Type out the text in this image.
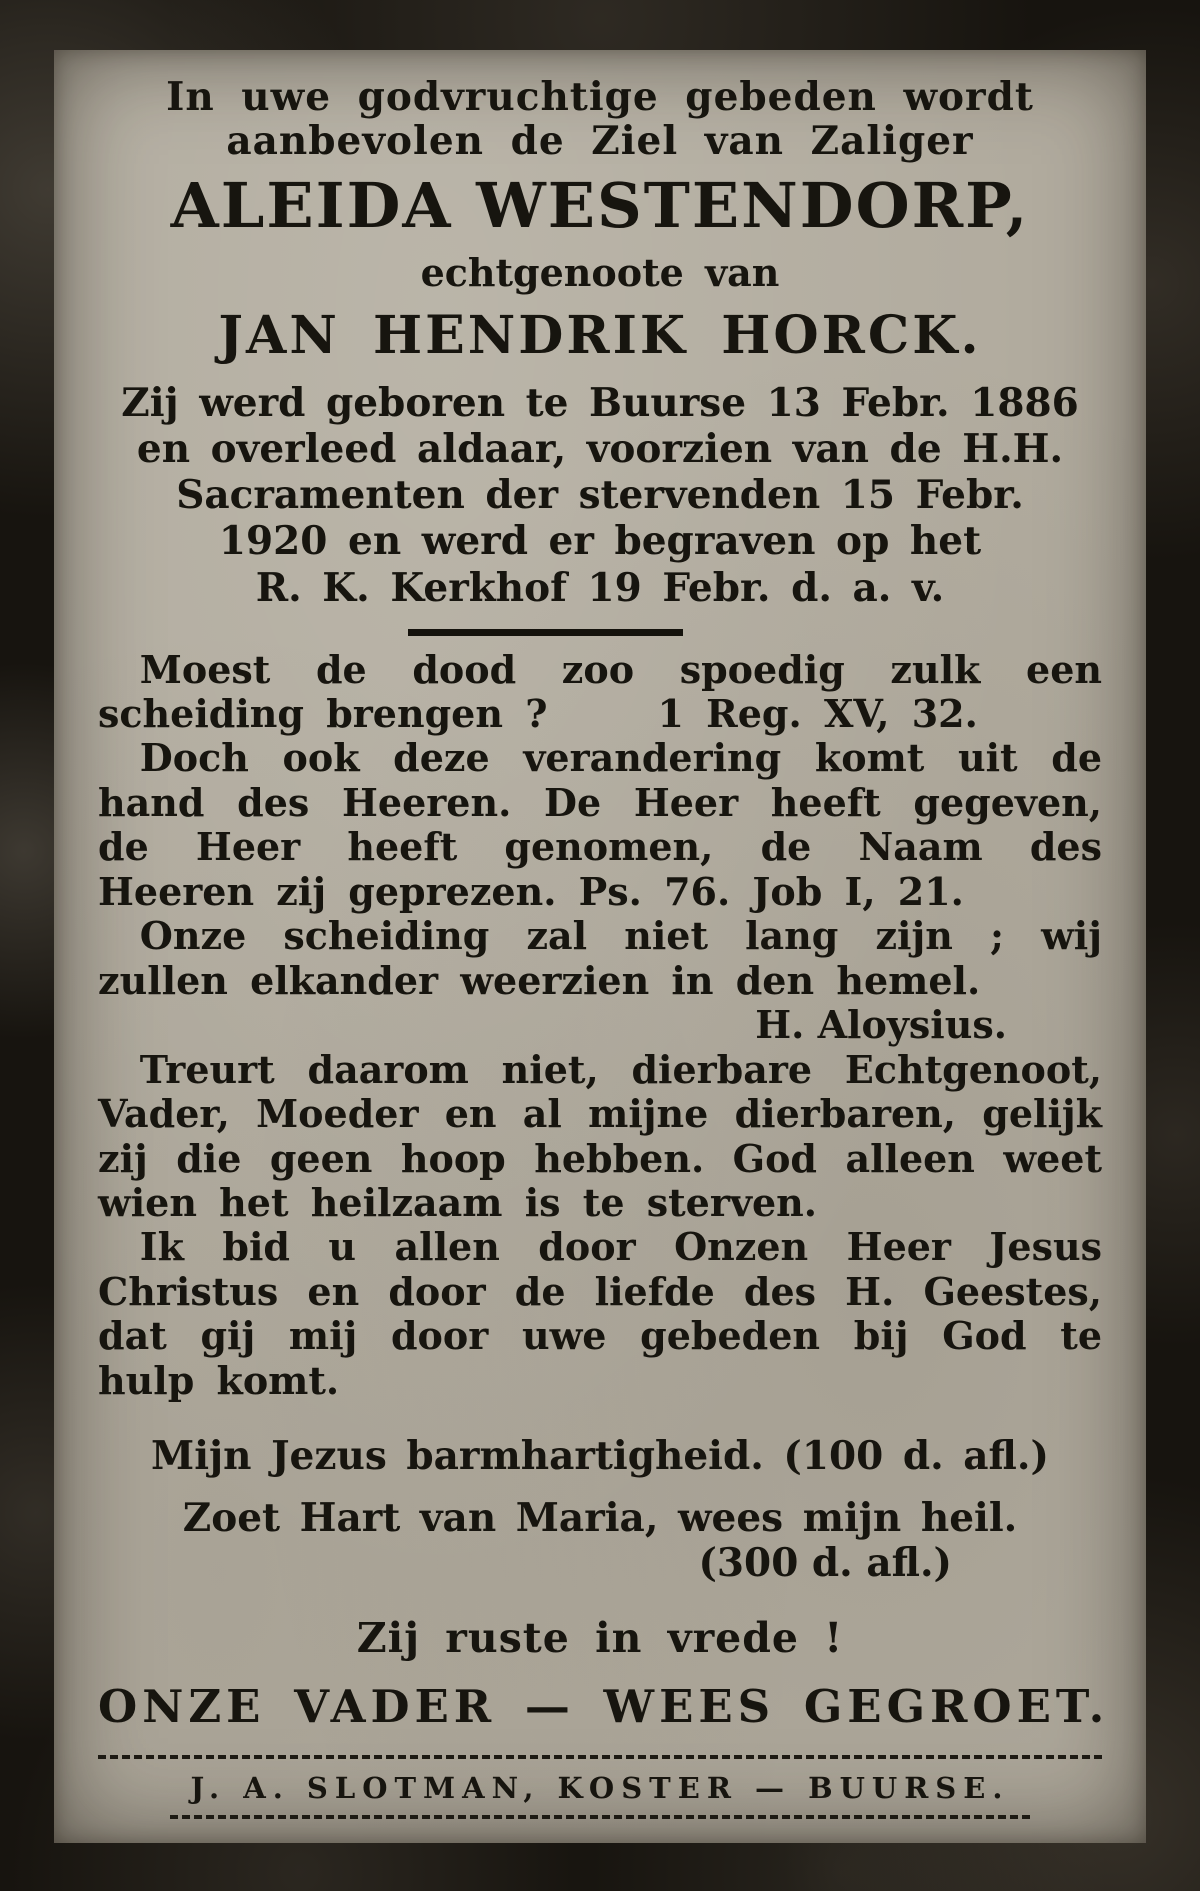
In uwe godvruchtige gebeden wordt
aanbevolen de Ziel van Zaliger
ALEIDA WESTENDORP,
echtgenoote van
JAN HENDRIK HORCK.
Zij werd geboren te Buurse 13 Febr. 1886
en overleed aldaar, voorzien van de H.H.
Sacramenten der stervenden 15 Febr.
1920 en werd er begraven op het
R. K. Kerkhof 19 Febr. d. a. v.

Moest de dood zoo spoedig zulk een scheiding brengen ?	1 Reg. XV, 32.

Doch ook deze verandering komt uit de hand des Heeren. De Heer heeft gegeven, de Heer heeft genomen, de Naam des Heeren zij geprezen. Ps. 76. Job I, 21.

Onze scheiding zal niet lang zijn ; wij zullen elkander weerzien in den hemel.

H. Aloysius.

Treurt daarom niet, dierbare Echtgenoot, Vader, Moeder en al mijne dierbaren, gelijk zij die geen hoop hebben. God alleen weet wien het heilzaam is te sterven.

Ik bid u allen door Onzen Heer Jesus Christus en door de liefde des H. Geestes, dat gij mij door uwe gebeden bij God te hulp komt.

Mijn Jezus barmhartigheid. (100 d. afl.)
Zoet Hart van Maria, wees mijn heil.
(300 d. afl.)
Zij ruste in vrede !
ONZE VADER — WEES GEGROET.
J. A. SLOTMAN, KOSTER — BUURSE.
